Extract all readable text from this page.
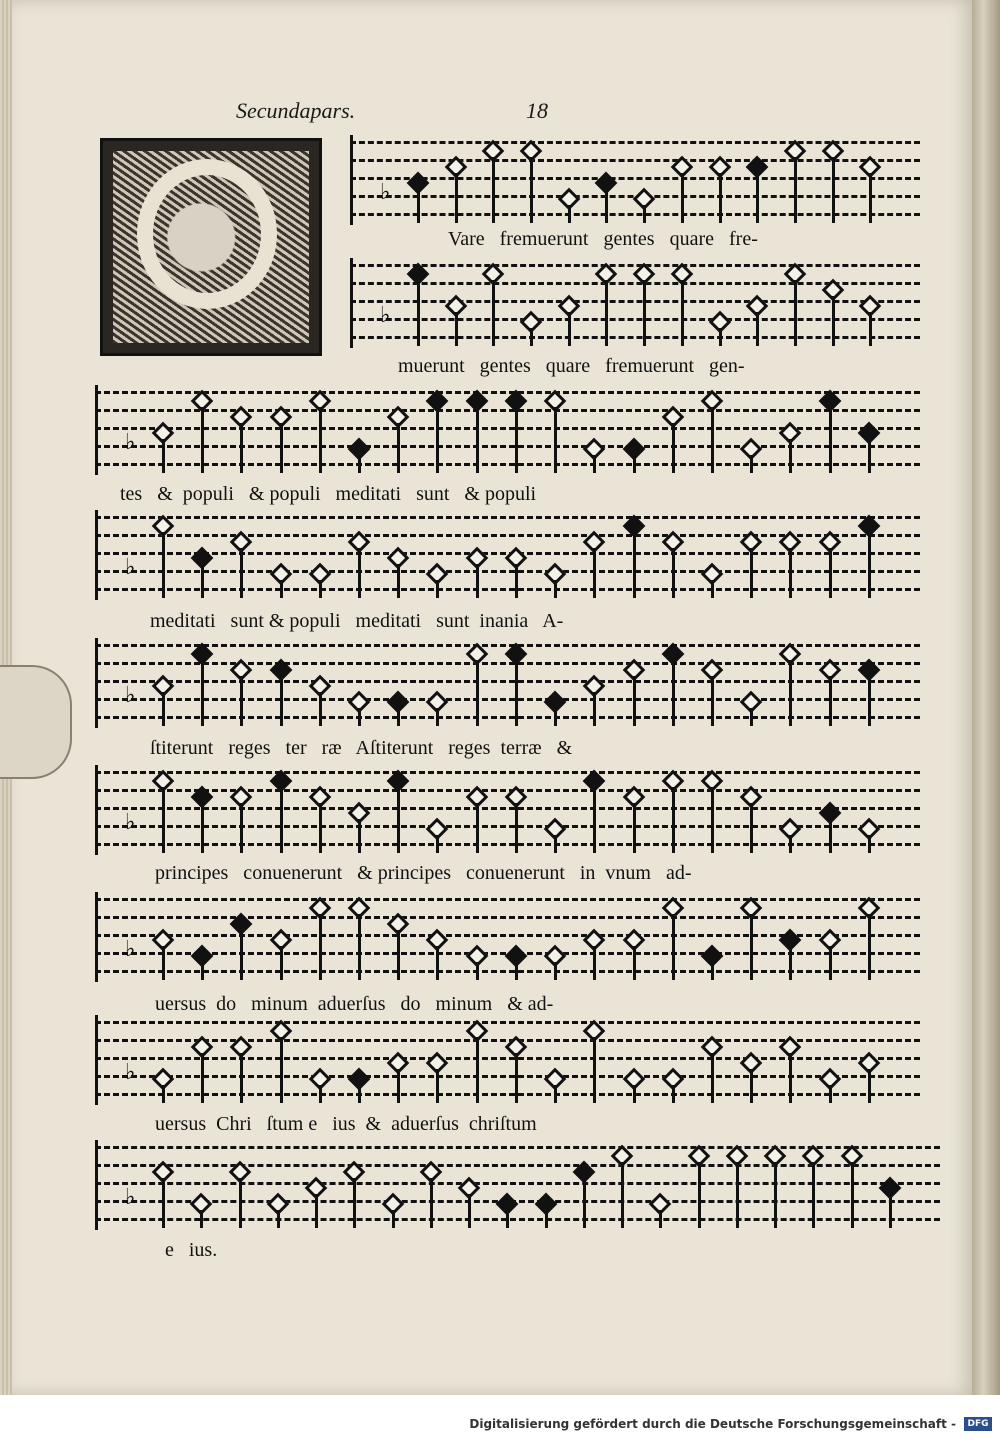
Secundapars.	18
♭
♭
♭
♭
♭
♭
♭
♭
♭
Vare   fremuerunt   gentes   quare   fre-
muerunt   gentes   quare   fremuerunt   gen-
tes   &  populi   & populi   meditati   sunt   & populi
meditati   sunt & populi   meditati   sunt  inania   A-
ſtiterunt   reges   ter   ræ   Aſtiterunt   reges  terræ   &
principes   conuenerunt   & principes   conuenerunt   in  vnum   ad-
uersus  do   minum  aduerſus   do   minum   & ad-
uersus  Chri   ſtum e   ius  &  aduerſus  chriſtum
e   ius.
Digitalisierung gefördert durch die Deutsche Forschungsgemeinschaft -	DFG
